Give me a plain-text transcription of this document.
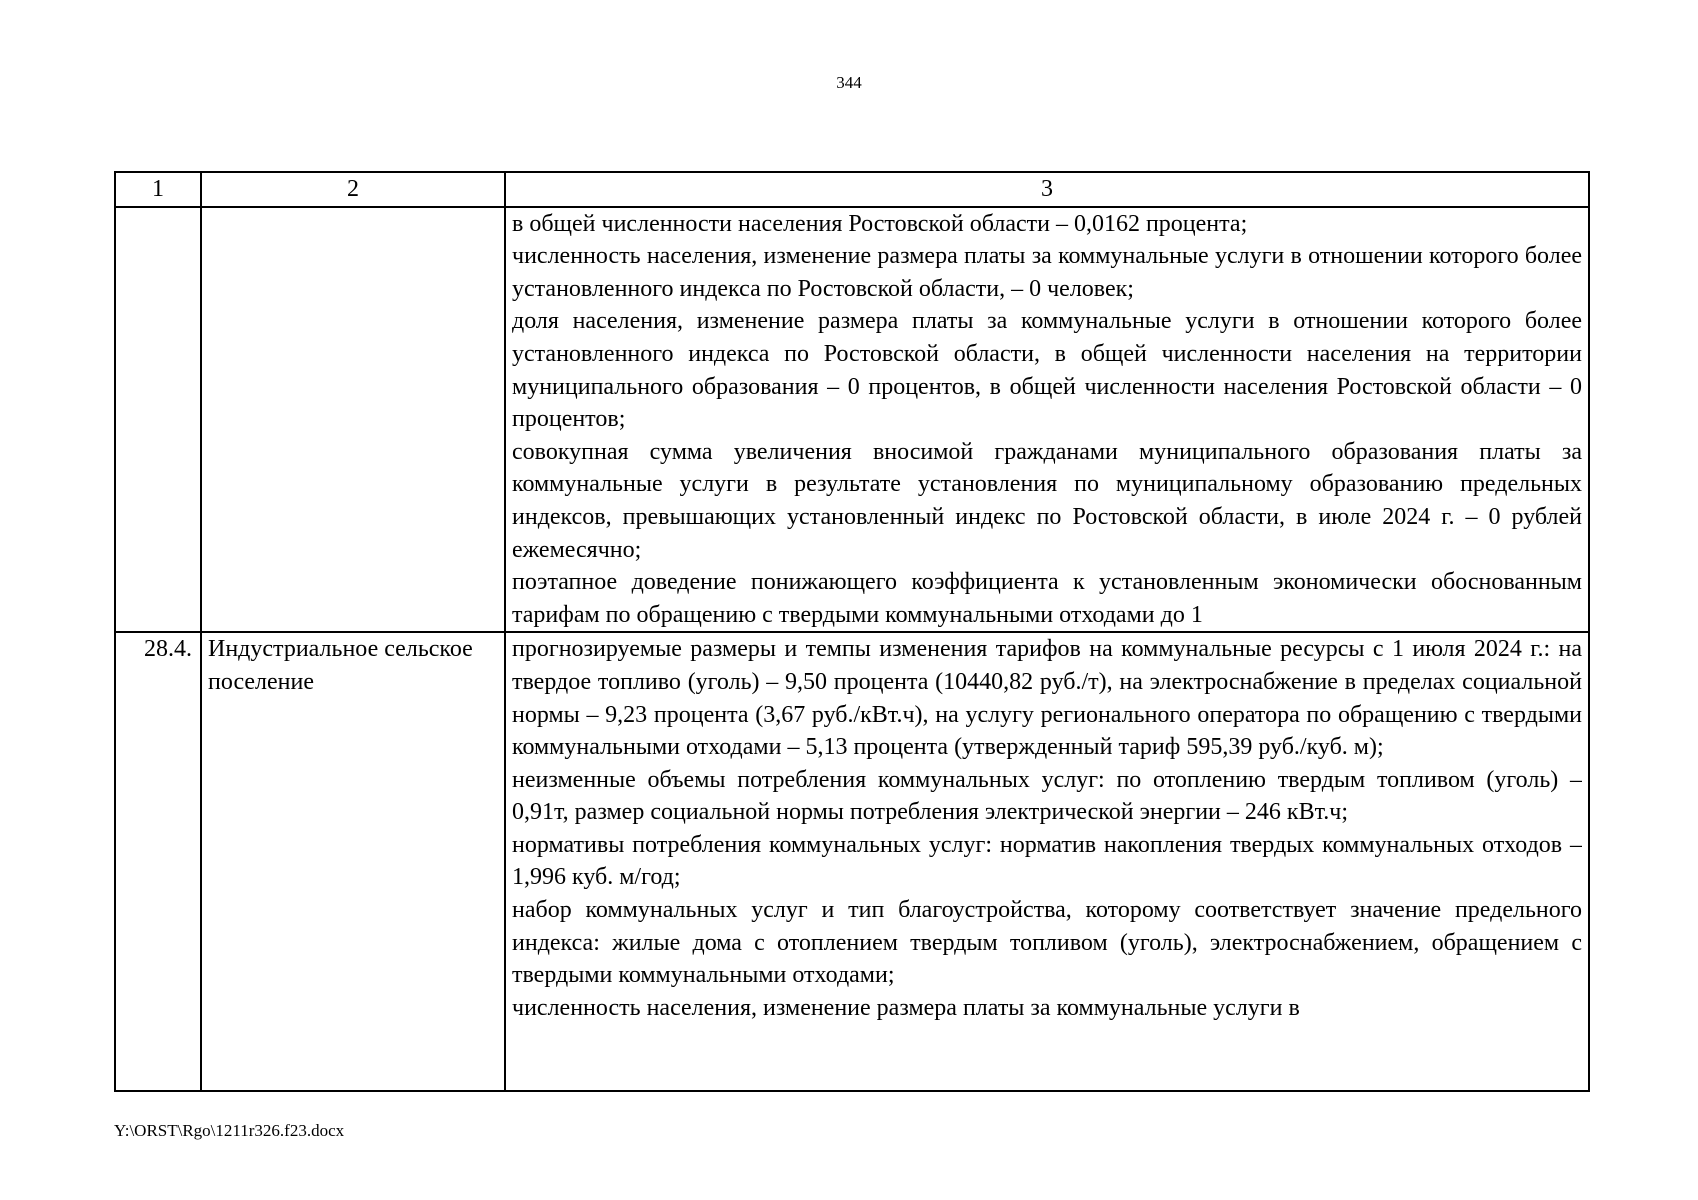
344
1	2	3

		в общей численности населения Ростовской области – 0,0162 процента;

численность населения, изменение размера платы за коммунальные услуги в отношении которого более установленного индекса по Ростовской области, – 0 человек;

доля населения, изменение размера платы за коммунальные услуги в отношении которого более установленного индекса по Ростовской области, в общей численности населения на территории муниципального образования – 0 процентов, в общей численности населения Ростовской области – 0 процентов;

совокупная сумма увеличения вносимой гражданами муниципального образования платы за коммунальные услуги в результате установления по муниципальному образованию предельных индексов, превышающих установленный индекс по Ростовской области, в июле 2024 г. – 0 рублей ежемесячно;

поэтапное доведение понижающего коэффициента к установленным экономически обоснованным тарифам по обращению с твердыми коммунальными отходами до 1

28.4.	Индустриальное сельское поселение	прогнозируемые размеры и темпы изменения тарифов на коммунальные ресурсы с 1 июля 2024 г.: на твердое топливо (уголь) – 9,50 процента (10440,82 руб./т), на электроснабжение в пределах социальной нормы – 9,23 процента (3,67 руб./кВт.ч), на услугу регионального оператора по обращению с твердыми коммунальными отходами – 5,13 процента (утвержденный тариф 595,39 руб./куб. м);

неизменные объемы потребления коммунальных услуг: по отоплению твердым топливом (уголь) – 0,91т, размер социальной нормы потребления электрической энергии – 246 кВт.ч;

нормативы потребления коммунальных услуг: норматив накопления твердых коммунальных отходов – 1,996 куб. м/год;

набор коммунальных услуг и тип благоустройства, которому соответствует значение предельного индекса: жилые дома с отоплением твердым топливом (уголь), электроснабжением, обращением с твердыми коммунальными отходами;

численность населения, изменение размера платы за коммунальные услуги в

Y:\ORST\Rgo\1211r326.f23.docx
